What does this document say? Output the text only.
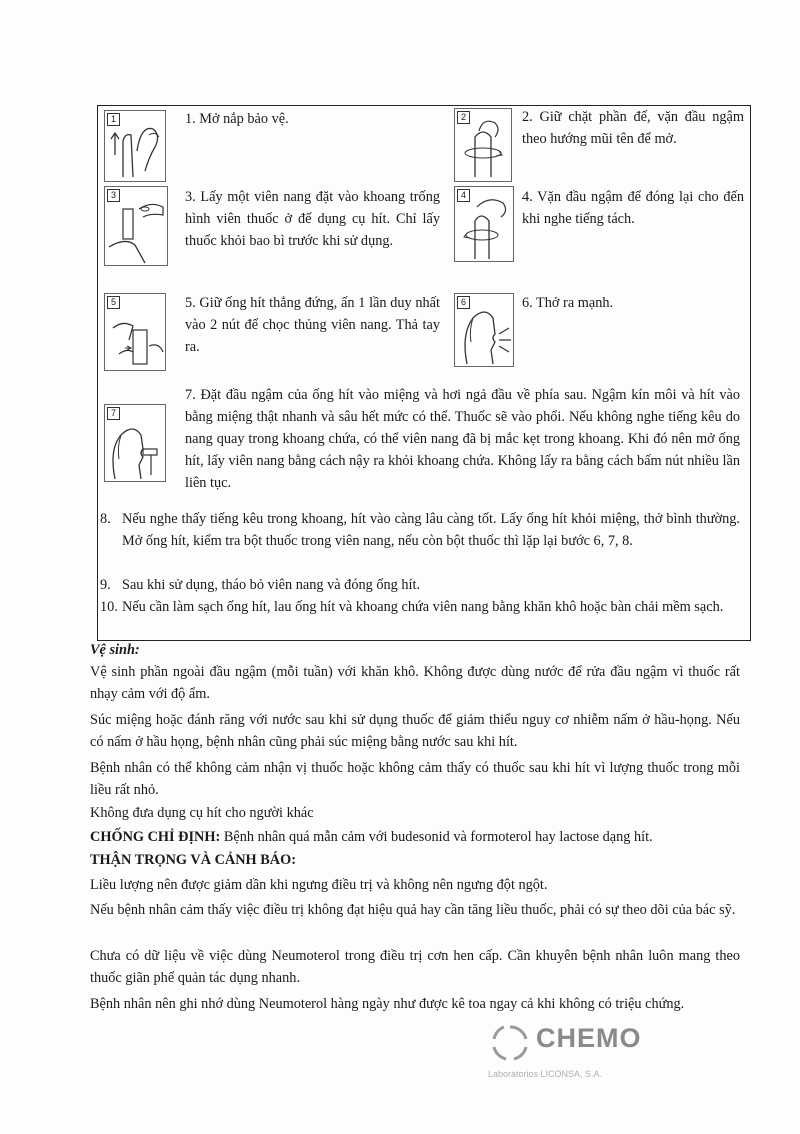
1	1. Mở nắp bảo vệ.	2	2. Giữ chặt phần đế, vặn đầu ngậm theo hướng mũi tên để mở.
3	3. Lấy một viên nang đặt vào khoang trống hình viên thuốc ở đế dụng cụ hít. Chỉ lấy thuốc khỏi bao bì trước khi sử dụng.
4	4. Vặn đầu ngậm để đóng lại cho đến khi nghe tiếng tách.
5	5. Giữ ống hít thẳng đứng, ấn 1 lần duy nhất vào 2 nút để chọc thủng viên nang. Thả tay ra.
6	6. Thở ra mạnh.
7
7. Đặt đầu ngậm của ống hít vào miệng và hơi ngả đầu về phía sau. Ngậm kín môi và hít vào bằng miệng thật nhanh và sâu hết mức có thể. Thuốc sẽ vào phổi. Nếu không nghe tiếng kêu do nang quay trong khoang chứa, có thể viên nang đã bị mắc kẹt trong khoang. Khi đó nên mở ống hít, lấy viên nang bằng cách nậy ra khỏi khoang chứa. Không lấy ra bằng cách bấm nút nhiều lần liên tục.
8. Nếu nghe thấy tiếng kêu trong khoang, hít vào càng lâu càng tốt. Lấy ống hít khỏi miệng, thở bình thường. Mở ống hít, kiểm tra bột thuốc trong viên nang, nếu còn bột thuốc thì lặp lại bước 6, 7, 8.
9. Sau khi sử dụng, tháo bỏ viên nang và đóng ống hít.
10. Nếu cần làm sạch ống hít, lau ống hít và khoang chứa viên nang bằng khăn khô hoặc bàn chải mềm sạch.
Vệ sinh:
Vệ sinh phần ngoài đầu ngậm (mỗi tuần) với khăn khô. Không được dùng nước để rửa đầu ngậm vì thuốc rất nhạy cảm với độ ẩm.
Súc miệng hoặc đánh răng với nước sau khi sử dụng thuốc để giảm thiểu nguy cơ nhiễm nấm ở hầu-họng. Nếu có nấm ở hầu họng, bệnh nhân cũng phải súc miệng bằng nước sau khi hít.
Bệnh nhân có thể không cảm nhận vị thuốc hoặc không cảm thấy có thuốc sau khi hít vì lượng thuốc trong mỗi liều rất nhỏ.
Không đưa dụng cụ hít cho người khác
CHỐNG CHỈ ĐỊNH: Bệnh nhân quá mẫn cảm với budesonid và formoterol hay lactose dạng hít.
THẬN TRỌNG VÀ CẢNH BÁO:
Liều lượng nên được giảm dần khi ngưng điều trị và không nên ngưng đột ngột.
Nếu bệnh nhân cảm thấy việc điều trị không đạt hiệu quả hay cần tăng liều thuốc, phải có sự theo dõi của bác sỹ.
Chưa có dữ liệu về việc dùng Neumoterol trong điều trị cơn hen cấp. Cần khuyên bệnh nhân luôn mang theo thuốc giãn phế quản tác dụng nhanh.
Bệnh nhân nên ghi nhớ dùng Neumoterol hàng ngày như được kê toa ngay cả khi không có triệu chứng.
CHEMO
Laboratorios LICONSA, S.A.
